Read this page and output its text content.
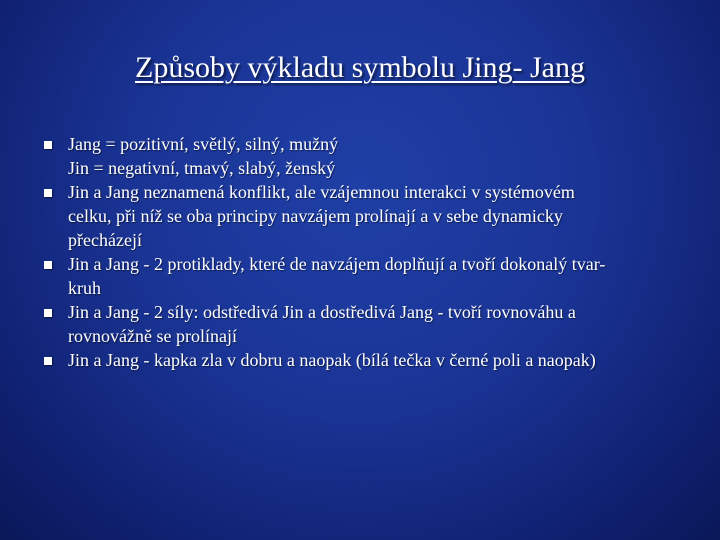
Způsoby výkladu symbolu Jing- Jang
Jang = pozitivní, světlý, silný, mužný
Jin = negativní, tmavý, slabý, ženský
Jin a Jang neznamená konflikt, ale vzájemnou interakci v systémovém
celku, při níž se oba principy navzájem prolínají a v sebe dynamicky
přecházejí
Jin a Jang - 2 protiklady, které de navzájem doplňují a tvoří dokonalý tvar-
kruh
Jin a Jang - 2 síly: odstředivá Jin a dostředivá Jang - tvoří rovnováhu a
rovnovážně se prolínají
Jin a Jang - kapka zla v dobru a naopak (bílá tečka v černé poli a naopak)
